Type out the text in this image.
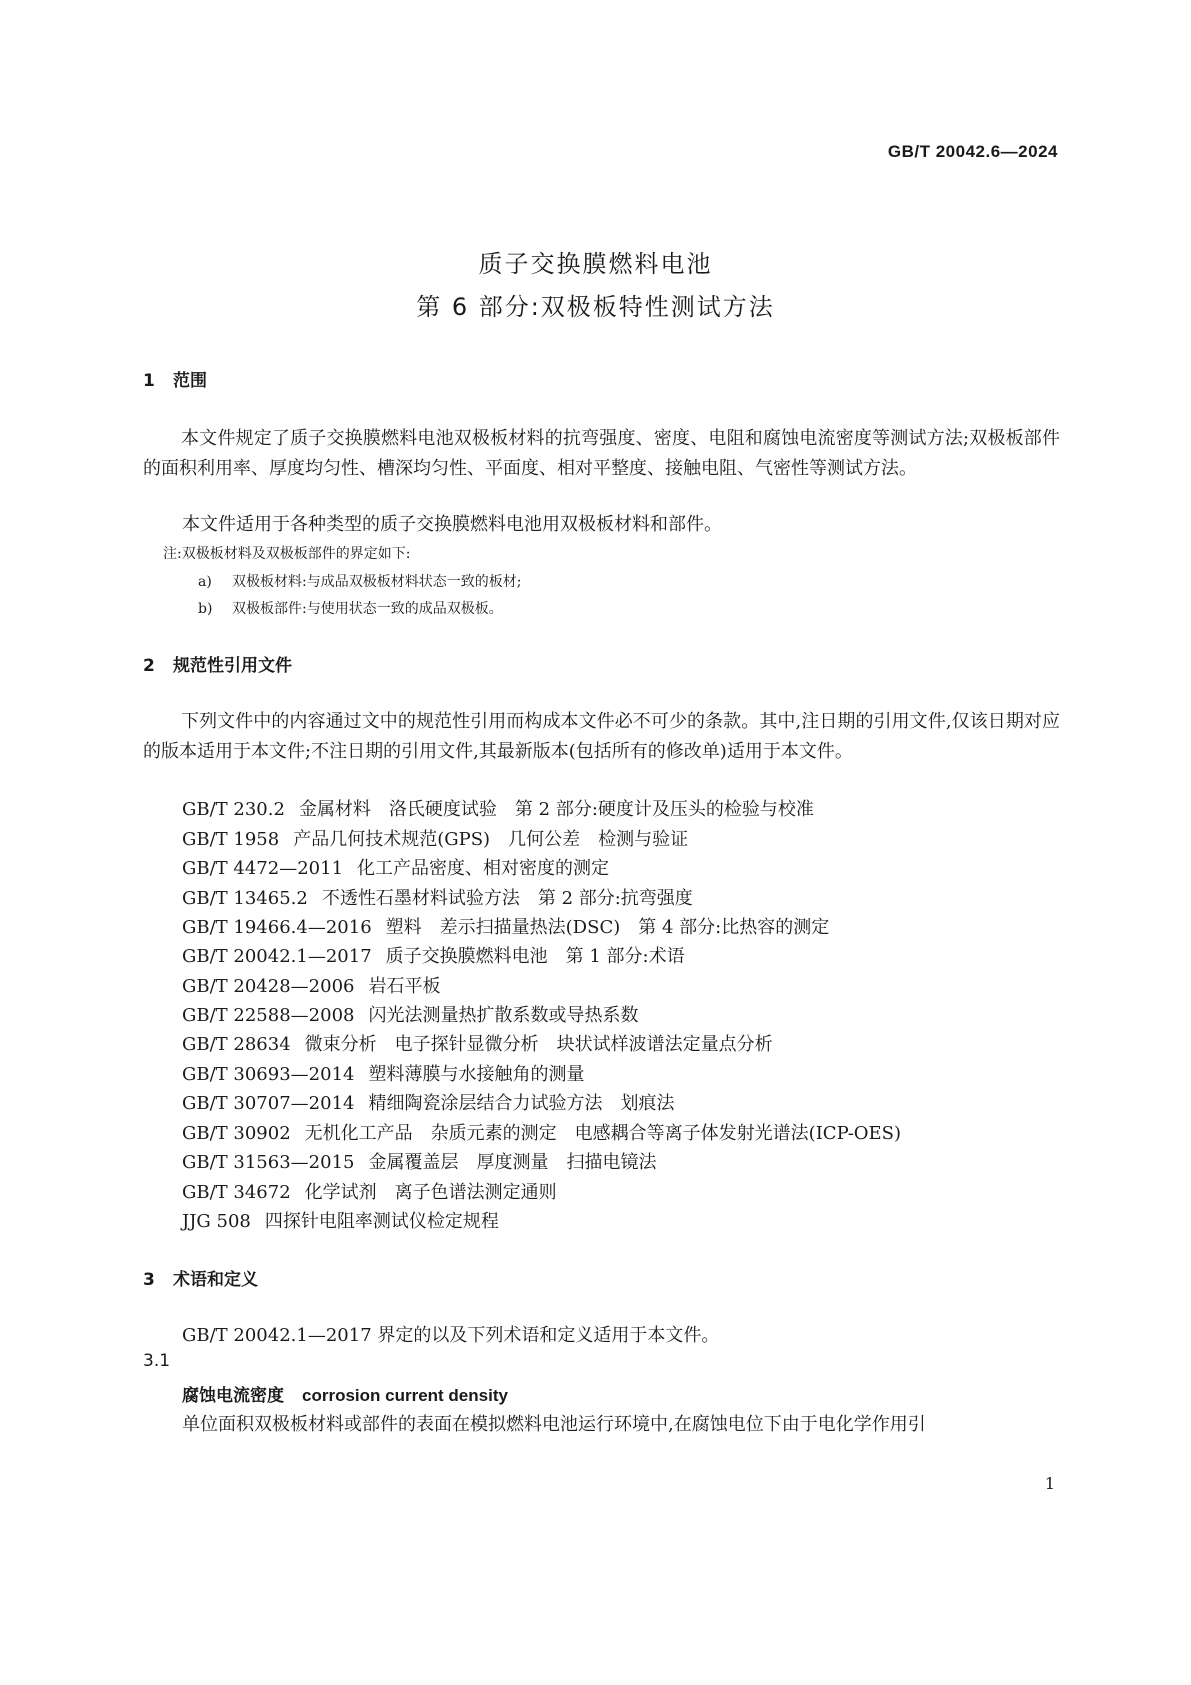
GB/T 20042.6—2024
质子交换膜燃料电池
第 6 部分:双极板特性测试方法
1 范围
本文件规定了质子交换膜燃料电池双极板材料的抗弯强度、密度、电阻和腐蚀电流密度等测试方法;双极板部件的面积利用率、厚度均匀性、槽深均匀性、平面度、相对平整度、接触电阻、气密性等测试方法。
本文件适用于各种类型的质子交换膜燃料电池用双极板材料和部件。
注:双极板材料及双极板部件的界定如下:
a) 双极板材料:与成品双极板材料状态一致的板材;
b) 双极板部件:与使用状态一致的成品双极板。
2 规范性引用文件
下列文件中的内容通过文中的规范性引用而构成本文件必不可少的条款。其中,注日期的引用文件,仅该日期对应的版本适用于本文件;不注日期的引用文件,其最新版本(包括所有的修改单)适用于本文件。
GB/T 230.2 金属材料　洛氏硬度试验　第 2 部分:硬度计及压头的检验与校准
GB/T 1958 产品几何技术规范(GPS)　几何公差　检测与验证
GB/T 4472—2011 化工产品密度、相对密度的测定
GB/T 13465.2 不透性石墨材料试验方法　第 2 部分:抗弯强度
GB/T 19466.4—2016 塑料　差示扫描量热法(DSC)　第 4 部分:比热容的测定
GB/T 20042.1—2017 质子交换膜燃料电池　第 1 部分:术语
GB/T 20428—2006 岩石平板
GB/T 22588—2008 闪光法测量热扩散系数或导热系数
GB/T 28634 微束分析　电子探针显微分析　块状试样波谱法定量点分析
GB/T 30693—2014 塑料薄膜与水接触角的测量
GB/T 30707—2014 精细陶瓷涂层结合力试验方法　划痕法
GB/T 30902 无机化工产品　杂质元素的测定　电感耦合等离子体发射光谱法(ICP-OES)
GB/T 31563—2015 金属覆盖层　厚度测量　扫描电镜法
GB/T 34672 化学试剂　离子色谱法测定通则
JJG 508 四探针电阻率测试仪检定规程
3 术语和定义
GB/T 20042.1—2017 界定的以及下列术语和定义适用于本文件。
3.1
腐蚀电流密度 corrosion current density
单位面积双极板材料或部件的表面在模拟燃料电池运行环境中,在腐蚀电位下由于电化学作用引
1
